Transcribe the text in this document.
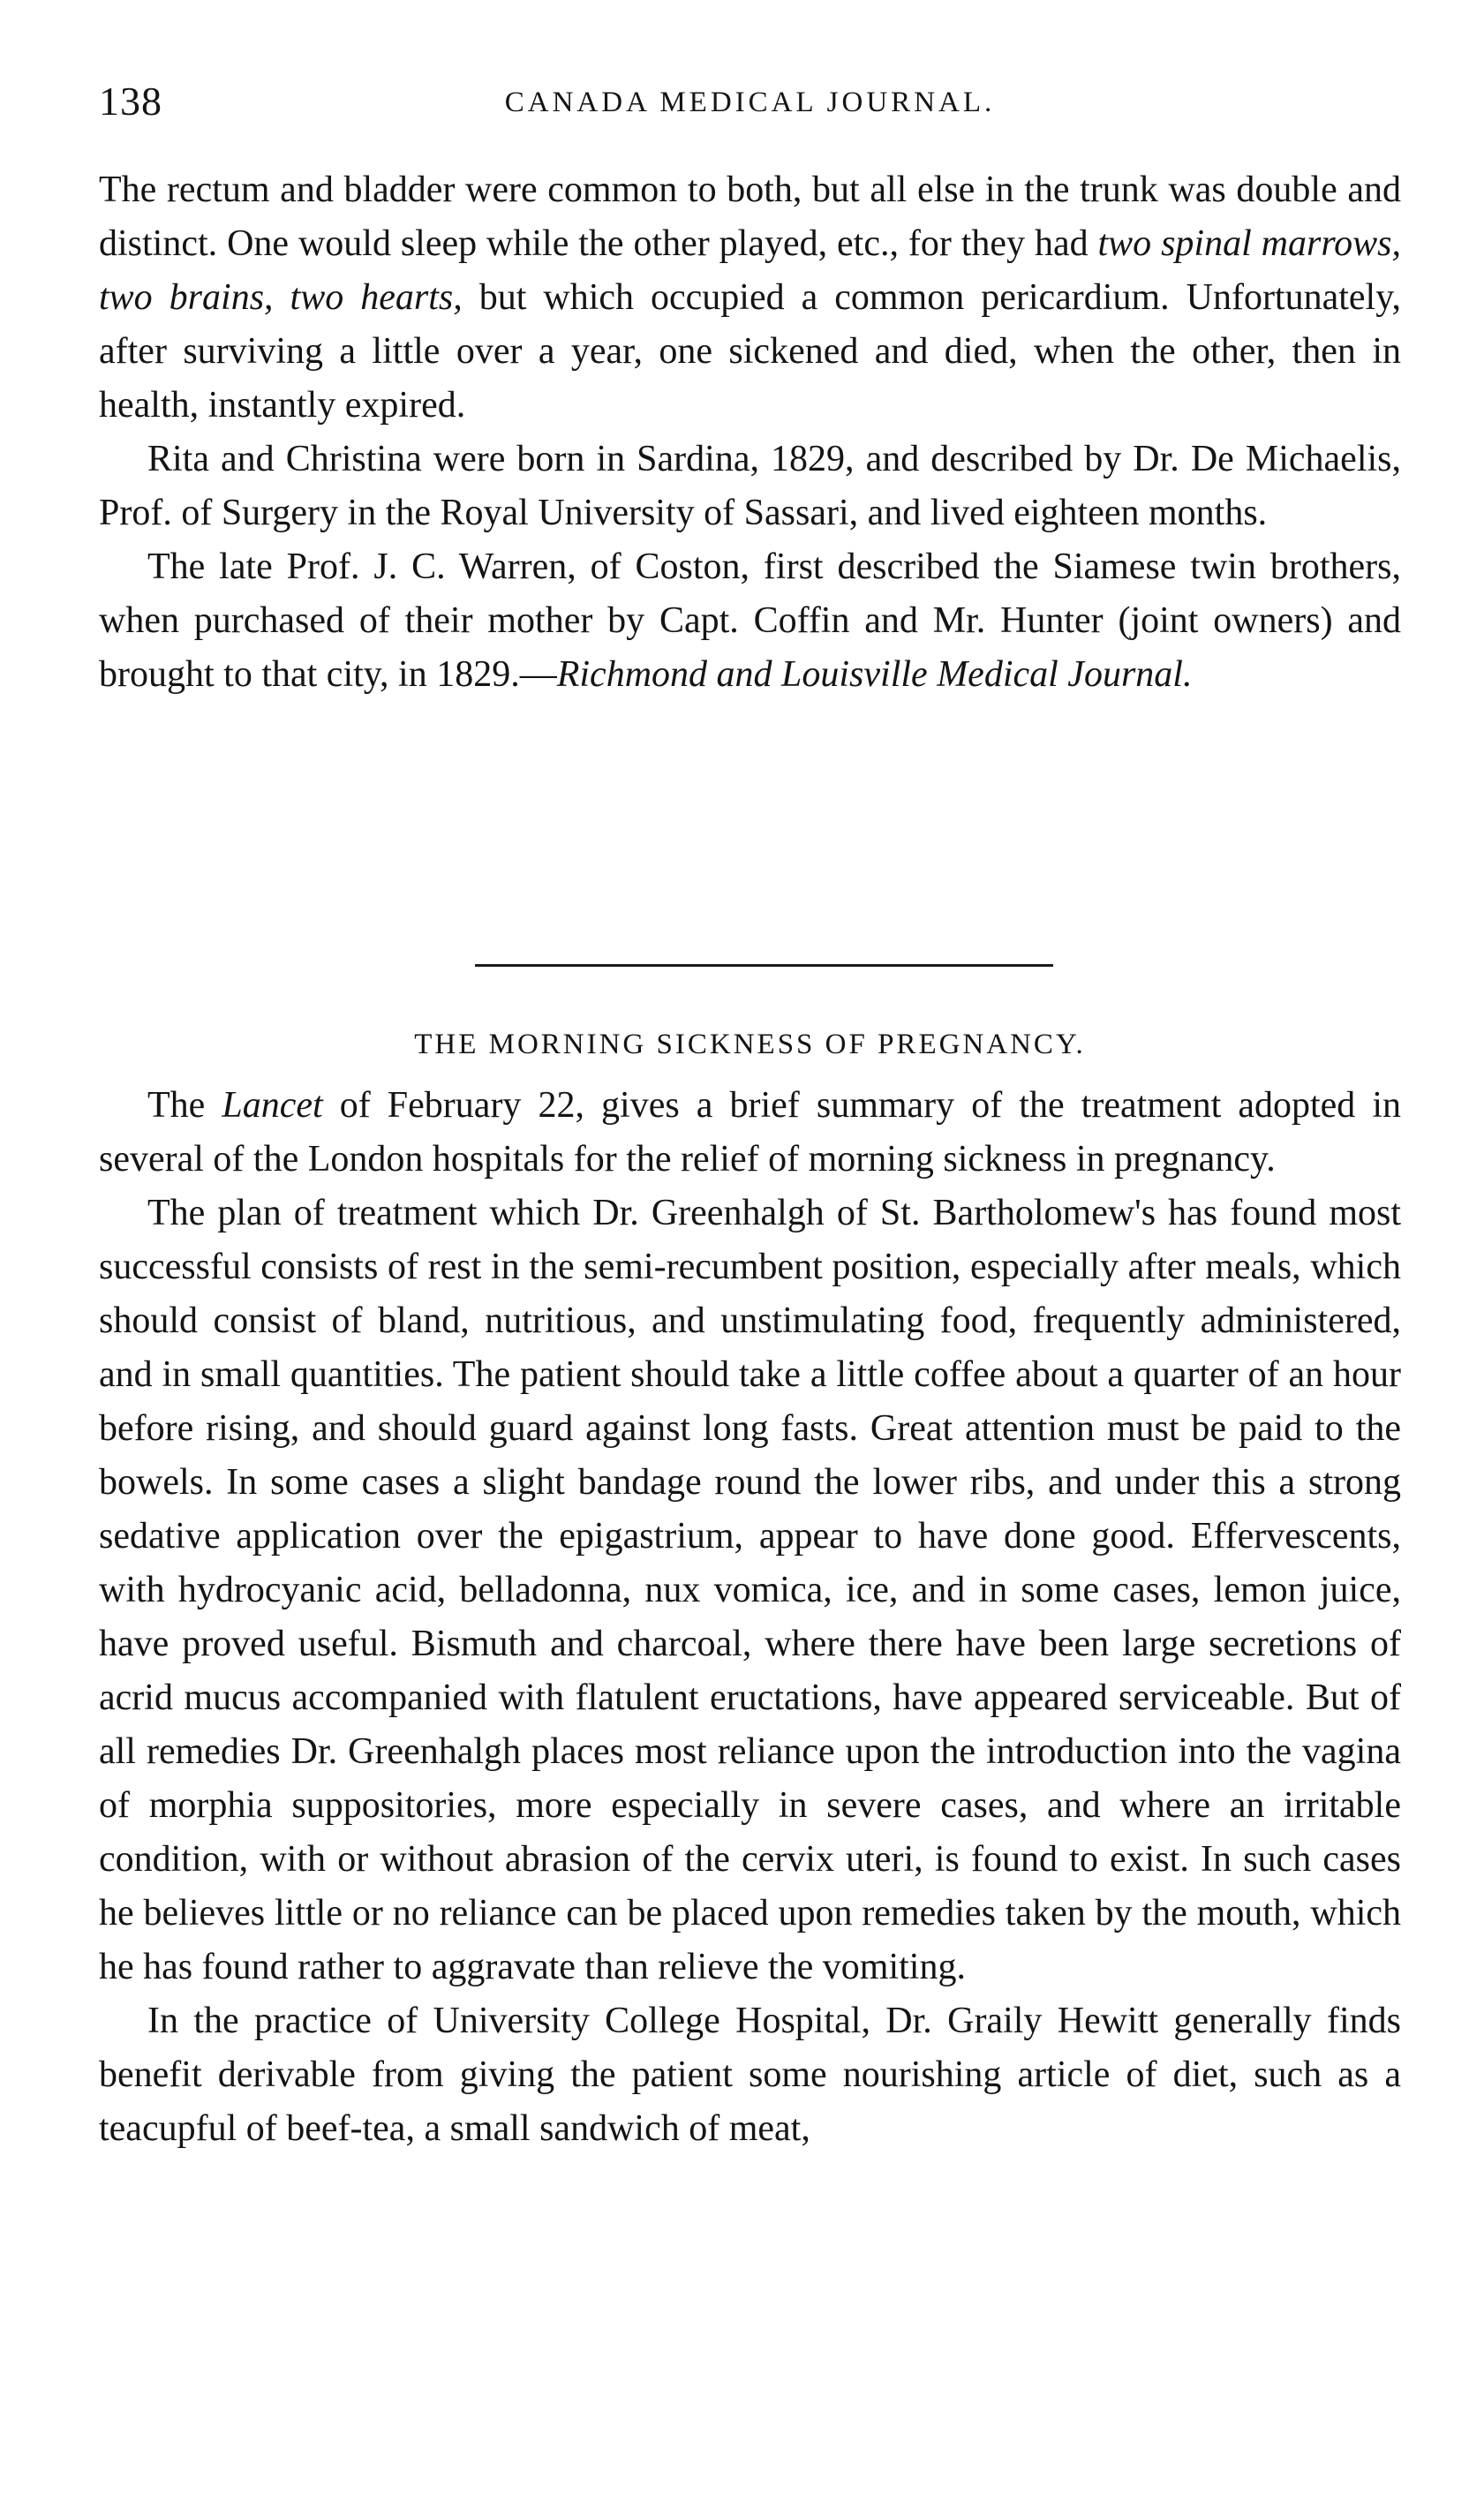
138	CANADA MEDICAL JOURNAL.

The rectum and bladder were common to both, but all else in the trunk was double and distinct. One would sleep while the other played, etc., for they had two spinal marrows, two brains, two hearts, but which occupied a common pericardium. Unfortunately, after surviving a little over a year, one sickened and died, when the other, then in health, instantly expired.

Rita and Christina were born in Sardina, 1829, and described by Dr. De Michaelis, Prof. of Surgery in the Royal University of Sassari, and lived eighteen months.

The late Prof. J. C. Warren, of Coston, first described the Siamese twin brothers, when purchased of their mother by Capt. Coffin and Mr. Hunter (joint owners) and brought to that city, in 1829.—Richmond and Louisville Medical Journal.

THE MORNING SICKNESS OF PREGNANCY.

The Lancet of February 22, gives a brief summary of the treatment adopted in several of the London hospitals for the relief of morning sickness in pregnancy.

The plan of treatment which Dr. Greenhalgh of St. Bartholomew's has found most successful consists of rest in the semi-recumbent position, especially after meals, which should consist of bland, nutritious, and unstimulating food, frequently administered, and in small quantities. The patient should take a little coffee about a quarter of an hour before rising, and should guard against long fasts. Great attention must be paid to the bowels. In some cases a slight bandage round the lower ribs, and under this a strong sedative application over the epigastrium, appear to have done good. Effervescents, with hydrocyanic acid, belladonna, nux vomica, ice, and in some cases, lemon juice, have proved useful. Bismuth and charcoal, where there have been large secretions of acrid mucus accompanied with flatulent eructations, have appeared serviceable. But of all remedies Dr. Greenhalgh places most reliance upon the introduction into the vagina of morphia suppositories, more especially in severe cases, and where an irritable condition, with or without abrasion of the cervix uteri, is found to exist. In such cases he believes little or no reliance can be placed upon remedies taken by the mouth, which he has found rather to aggravate than relieve the vomiting.

In the practice of University College Hospital, Dr. Graily Hewitt generally finds benefit derivable from giving the patient some nourishing article of diet, such as a teacupful of beef-tea, a small sandwich of meat,
